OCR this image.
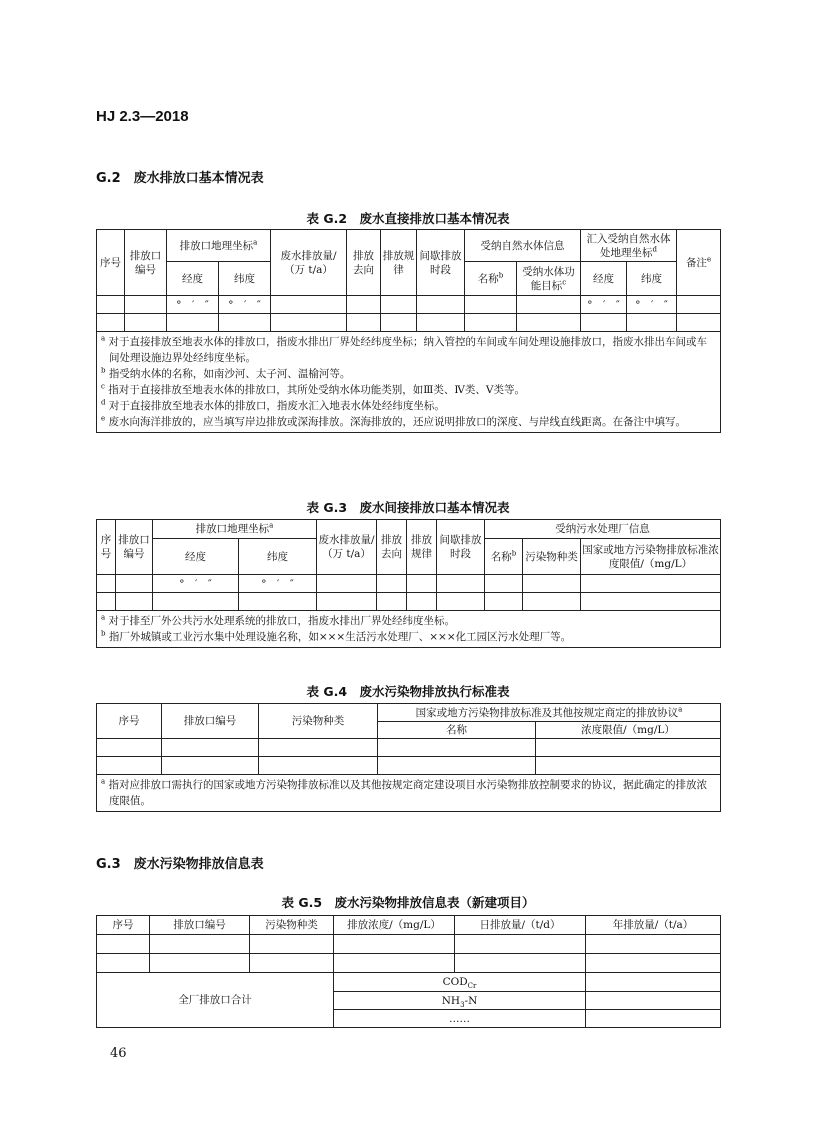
HJ 2.3—2018
G.2　废水排放口基本情况表
表 G.2　废水直接排放口基本情况表
序号	排放口编号	排放口地理坐标$^a$		废水排放量/（万 t/a）	排放去向	排放规律	间歇排放时段	受纳自然水体信息		汇入受纳自然水体处地理坐标$^d$		备注$^e$
		经度	纬度					名称$^b$	受纳水体功能目标$^c$	经度	纬度	
		°　′　″	°　′　″							°　′　″	°　′　″	

$^a$ 对于直接排放至地表水体的排放口，指废水排出厂界处经纬度坐标；纳入管控的车间或车间处理设施排放口，指废水排出车间或车间处理设施边界处经纬度坐标。
$^b$ 指受纳水体的名称，如南沙河、太子河、温榆河等。
$^c$ 指对于直接排放至地表水体的排放口，其所处受纳水体功能类别，如Ⅲ类、Ⅳ类、Ⅴ类等。
$^d$ 对于直接排放至地表水体的排放口，指废水汇入地表水体处经纬度坐标。
$^e$ 废水向海洋排放的，应当填写岸边排放或深海排放。深海排放的，还应说明排放口的深度、与岸线直线距离。在备注中填写。												
表 G.3　废水间接排放口基本情况表
序号	排放口编号	排放口地理坐标$^a$		废水排放量/（万 t/a）	排放去向	排放规律	间歇排放时段	受纳污水处理厂信息		
		经度	纬度					名称$^b$	污染物种类	国家或地方污染物排放标准浓度限值/（mg/L）
		°　′　″	°　′　″							

$^a$ 对于排至厂外公共污水处理系统的排放口，指废水排出厂界处经纬度坐标。
$^b$ 指厂外城镇或工业污水集中处理设施名称，如×××生活污水处理厂、×××化工园区污水处理厂等。										
表 G.4　废水污染物排放执行标准表
序号	排放口编号	污染物种类	国家或地方污染物排放标准及其他按规定商定的排放协议$^a$
			名称	浓度限值/（mg/L）

$^a$ 指对应排放口需执行的国家或地方污染物排放标准以及其他按规定商定建设项目水污染物排放控制要求的协议，据此确定的排放浓度限值。				
G.3　废水污染物排放信息表
表 G.5　废水污染物排放信息表（新建项目）
序号	排放口编号	污染物种类	排放浓度/（mg/L）	日排放量/（t/d）	年排放量/（t/a）

全厂排放口合计			$COD_{Cr}$	
			$NH_3-N$		
			……		
46
